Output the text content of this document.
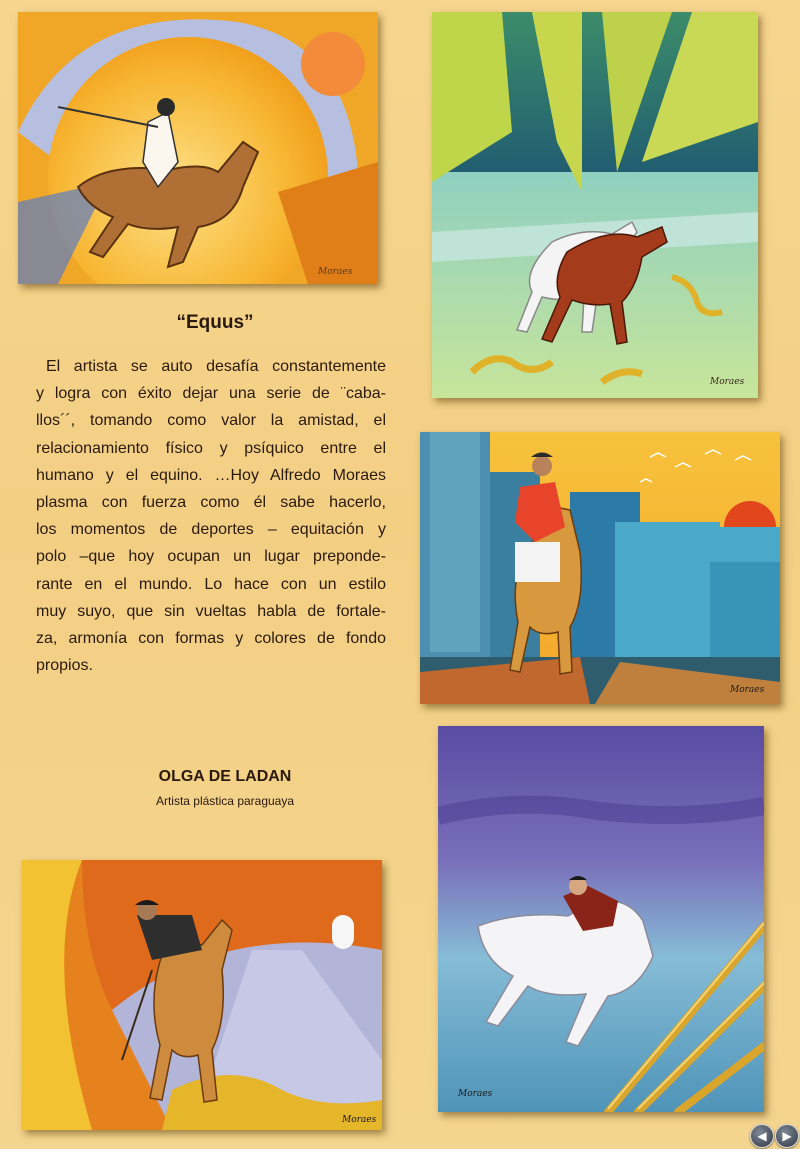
Moraes
Moraes
Moraes
Moraes
Moraes
“Equus”
El artista se auto desafía constantemente
y logra con éxito dejar una serie de ¨caba-
llos´´, tomando como valor la amistad, el
relacionamiento físico y psíquico entre el
humano y el equino. …Hoy Alfredo Moraes
plasma con fuerza como él sabe hacerlo,
los momentos de deportes – equitación y
polo –que hoy ocupan un lugar preponde-
rante en el mundo. Lo hace con un estilo
muy suyo, que sin vueltas habla de fortale-
za, armonía con formas y colores de fondo
propios.
OLGA DE LADAN
Artista plástica paraguaya
◀ ▶
